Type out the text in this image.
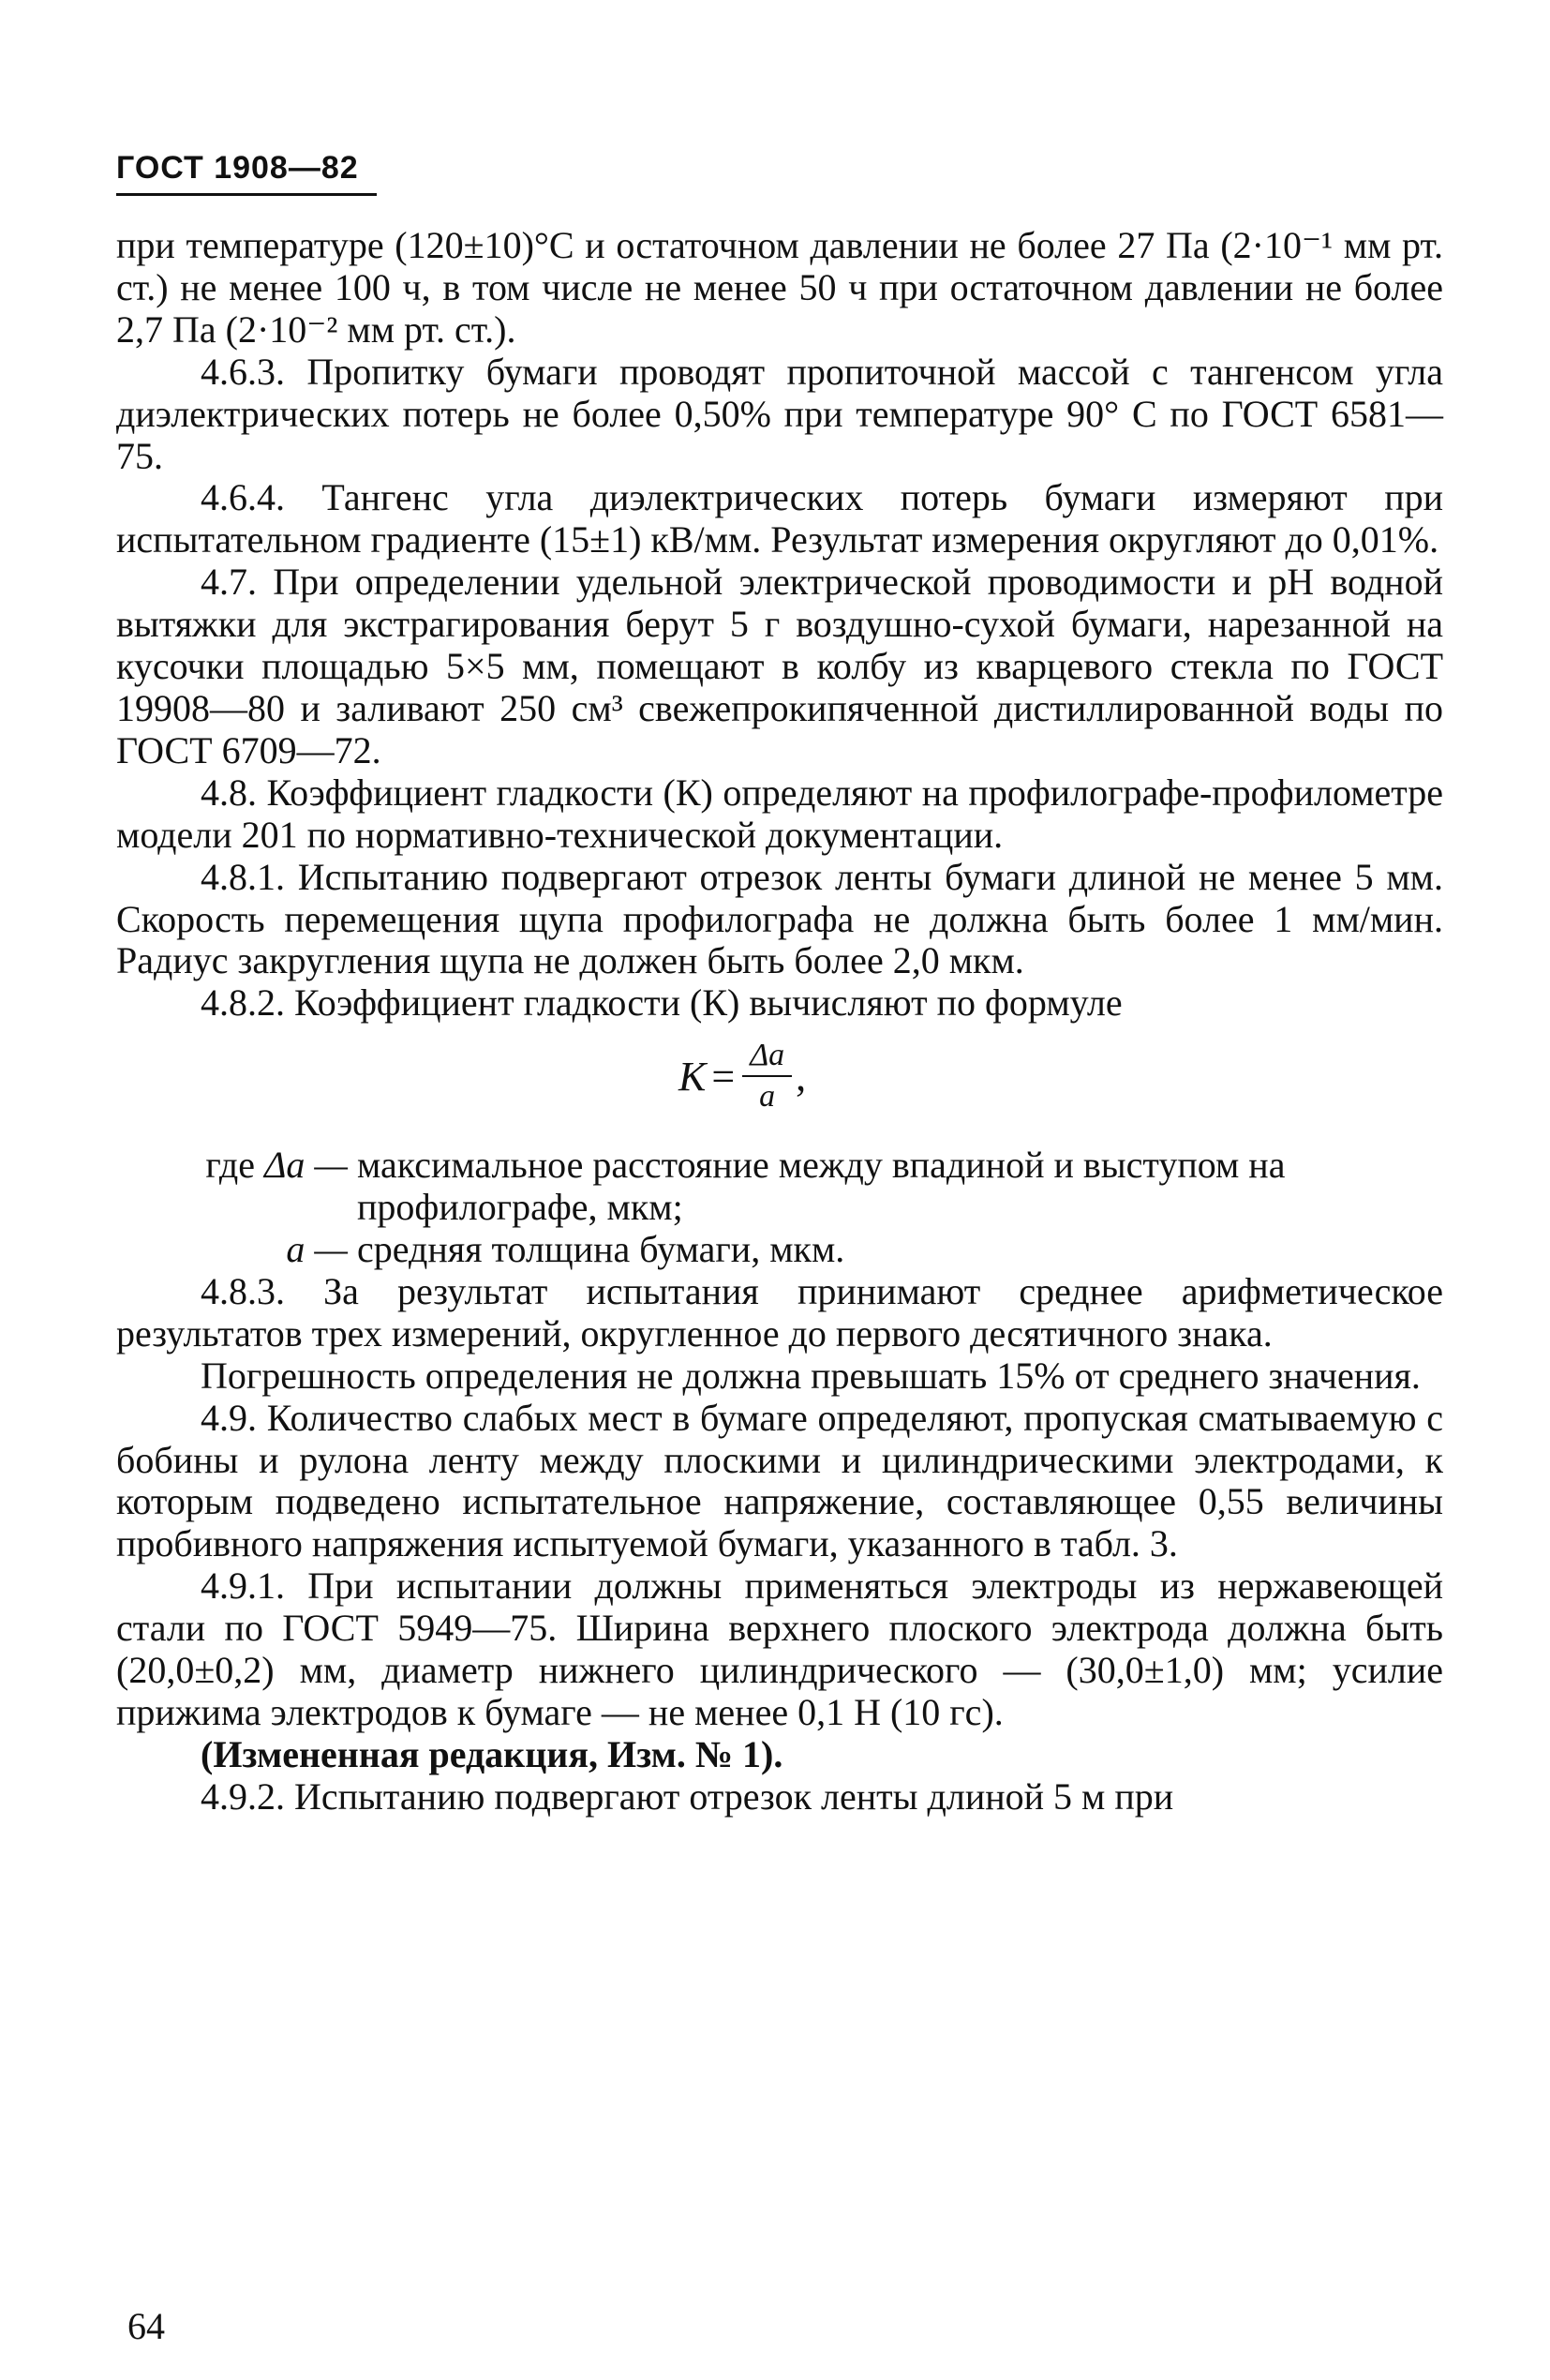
ГОСТ 1908—82

при температуре (120±10)°С и остаточном давлении не более 27 Па (2·10⁻¹ мм рт. ст.) не менее 100 ч, в том числе не менее 50 ч при остаточном давлении не более 2,7 Па (2·10⁻² мм рт. ст.).

4.6.3. Пропитку бумаги проводят пропиточной массой с тангенсом угла диэлектрических потерь не более 0,50% при температуре 90° С по ГОСТ 6581—75.

4.6.4. Тангенс угла диэлектрических потерь бумаги измеряют при испытательном градиенте (15±1) кВ/мм. Результат измерения округляют до 0,01%.

4.7. При определении удельной электрической проводимости и pH водной вытяжки для экстрагирования берут 5 г воздушно-сухой бумаги, нарезанной на кусочки площадью 5×5 мм, помещают в колбу из кварцевого стекла по ГОСТ 19908—80 и заливают 250 см³ свежепрокипяченной дистиллированной воды по ГОСТ 6709—72.

4.8. Коэффициент гладкости (К) определяют на профилографе-профилометре модели 201 по нормативно-технической документации.

4.8.1. Испытанию подвергают отрезок ленты бумаги длиной не менее 5 мм. Скорость перемещения щупа профилографа не должна быть более 1 мм/мин. Радиус закругления щупа не должен быть более 2,0 мкм.

4.8.2. Коэффициент гладкости (К) вычисляют по формуле

$K = \frac{\Delta a}{a}$ ,
где Δa — максимальное расстояние между впадиной и выступом на профилографе, мкм;
a — средняя толщина бумаги, мкм.

4.8.3. За результат испытания принимают среднее арифметическое результатов трех измерений, округленное до первого десятичного знака.

Погрешность определения не должна превышать 15% от среднего значения.

4.9. Количество слабых мест в бумаге определяют, пропуская сматываемую с бобины и рулона ленту между плоскими и цилиндрическими электродами, к которым подведено испытательное напряжение, составляющее 0,55 величины пробивного напряжения испытуемой бумаги, указанного в табл. 3.

4.9.1. При испытании должны применяться электроды из нержавеющей стали по ГОСТ 5949—75. Ширина верхнего плоского электрода должна быть (20,0±0,2) мм, диаметр нижнего цилиндрического — (30,0±1,0) мм; усилие прижима электродов к бумаге — не менее 0,1 Н (10 гс).

(Измененная редакция, Изм. № 1).

4.9.2. Испытанию подвергают отрезок ленты длиной 5 м при

64
